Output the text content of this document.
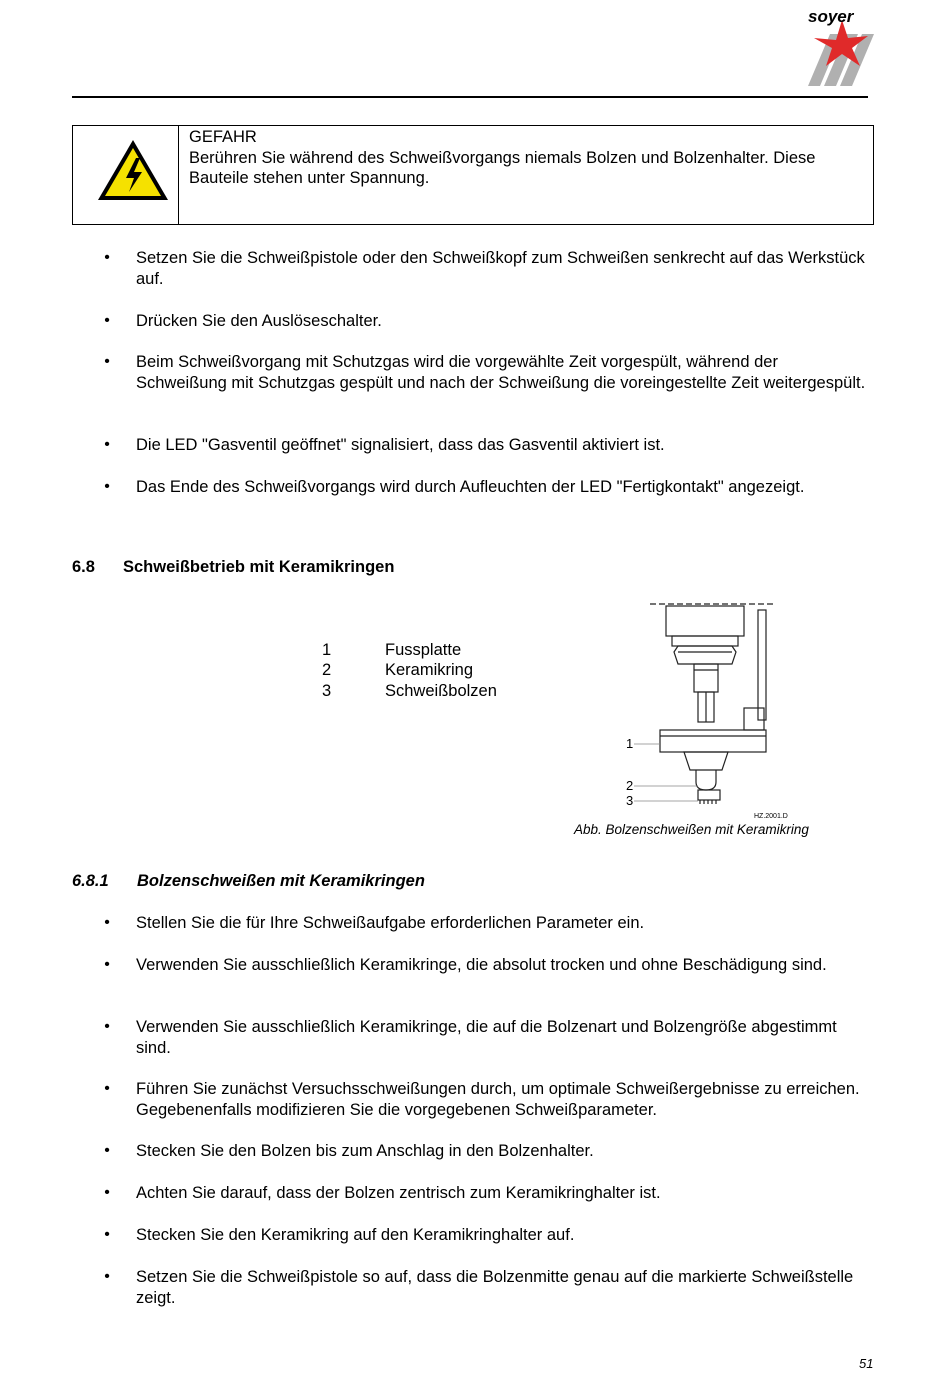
soyer
GEFAHR
Berühren Sie während des Schweißvorgangs niemals Bolzen und Bolzenhalter. Diese Bauteile stehen unter Spannung.
• Setzen Sie die Schweißpistole oder den Schweißkopf zum Schweißen senkrecht auf das Werkstück auf.
• Drücken Sie den Auslöseschalter.
• Beim Schweißvorgang mit Schutzgas wird die vorgewählte Zeit vorgespült, während der Schweißung mit Schutzgas gespült und nach der Schweißung die voreingestellte Zeit weitergespült.
• Die LED "Gasventil geöffnet" signalisiert, dass das Gasventil aktiviert ist.
• Das Ende des Schweißvorgangs wird durch Aufleuchten der LED "Fertigkontakt" angezeigt.
6.8 Schweißbetrieb mit Keramikringen
1	Fussplatte
2	Keramikring
3	Schweißbolzen
1
2
3
HZ.2001.D
Abb. Bolzenschweißen mit Keramikring
6.8.1 Bolzenschweißen mit Keramikringen
• Stellen Sie die für Ihre Schweißaufgabe erforderlichen Parameter ein.
• Verwenden Sie ausschließlich Keramikringe, die absolut trocken und ohne Beschädigung sind.
• Verwenden Sie ausschließlich Keramikringe, die auf die Bolzenart und Bolzengröße abgestimmt sind.
• Führen Sie zunächst Versuchsschweißungen durch, um optimale Schweißergebnisse zu erreichen. Gegebenenfalls modifizieren Sie die vorgegebenen Schweißparameter.
• Stecken Sie den Bolzen bis zum Anschlag in den Bolzenhalter.
• Achten Sie darauf, dass der Bolzen zentrisch zum Keramikringhalter ist.
• Stecken Sie den Keramikring auf den Keramikringhalter auf.
• Setzen Sie die Schweißpistole so auf, dass die Bolzenmitte genau auf die markierte Schweißstelle zeigt.
51
